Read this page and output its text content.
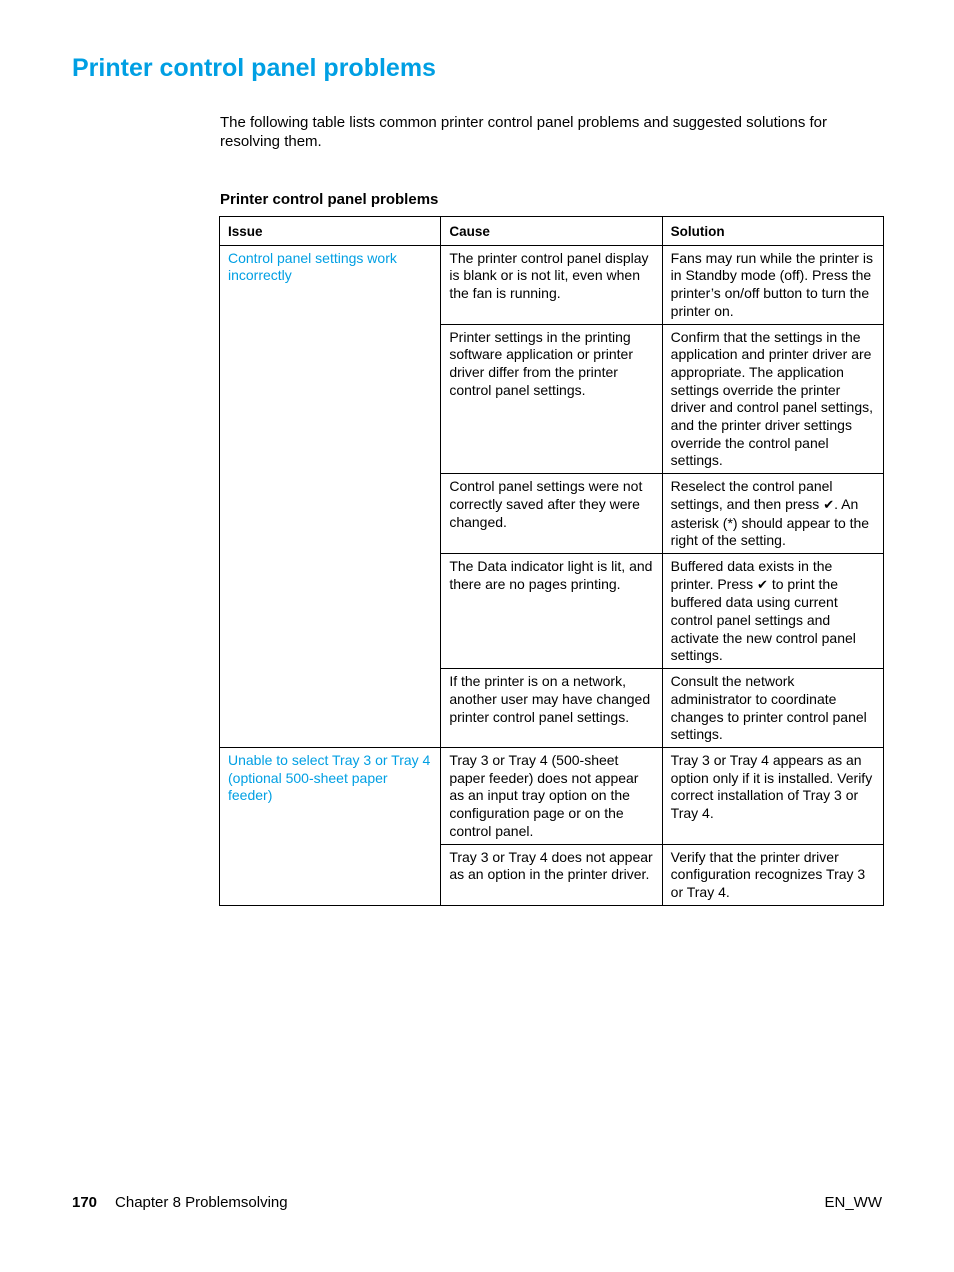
Printer control panel problems

The following table lists common printer control panel problems and suggested solutions for resolving them.

Printer control panel problems

Issue	Cause	Solution
Control panel settings work incorrectly	The printer control panel display is blank or is not lit, even when the fan is running.	Fans may run while the printer is in Standby mode (off). Press the printer’s on/off button to turn the printer on.
	Printer settings in the printing software application or printer driver differ from the printer control panel settings.	Confirm that the settings in the application and printer driver are appropriate. The application settings override the printer driver and control panel settings, and the printer driver settings override the control panel settings.
	Control panel settings were not correctly saved after they were changed.	Reselect the control panel settings, and then press ✔. An asterisk (*) should appear to the right of the setting.
	The Data indicator light is lit, and there are no pages printing.	Buffered data exists in the printer. Press ✔ to print the buffered data using current control panel settings and activate the new control panel settings.
	If the printer is on a network, another user may have changed printer control panel settings.	Consult the network administrator to coordinate changes to printer control panel settings.
Unable to select Tray 3 or Tray 4 (optional 500-sheet paper feeder)	Tray 3 or Tray 4 (500-sheet paper feeder) does not appear as an input tray option on the configuration page or on the control panel.	Tray 3 or Tray 4 appears as an option only if it is installed. Verify correct installation of Tray 3 or Tray 4.
	Tray 3 or Tray 4 does not appear as an option in the printer driver.	Verify that the printer driver configuration recognizes Tray 3 or Tray 4.
170 Chapter 8 Problemsolving	EN_WW
